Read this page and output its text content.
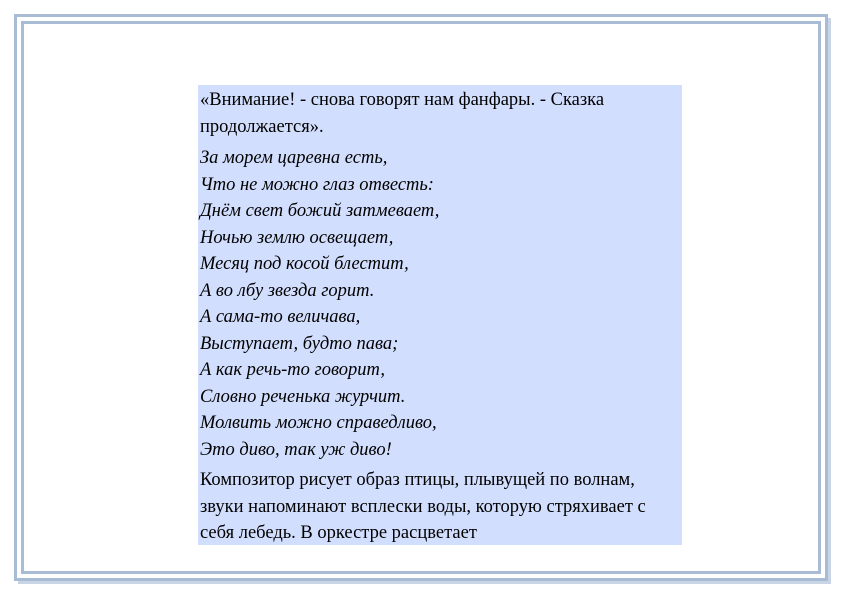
«Внимание! - снова говорят нам фанфары. - Сказка продолжается».

За морем царевна есть,
Что не можно глаз отвесть:
Днём свет божий затмевает,
Ночью землю освещает,
Месяц под косой блестит,
А во лбу звезда горит.
А сама-то величава,
Выступает, будто пава;
А как речь-то говорит,
Словно реченька журчит.
Молвить можно справедливо,
Это диво, так уж диво!

Композитор рисует образ птицы, плывущей по волнам, звуки напоминают всплески воды, которую стряхивает с себя лебедь. В оркестре расцветает
